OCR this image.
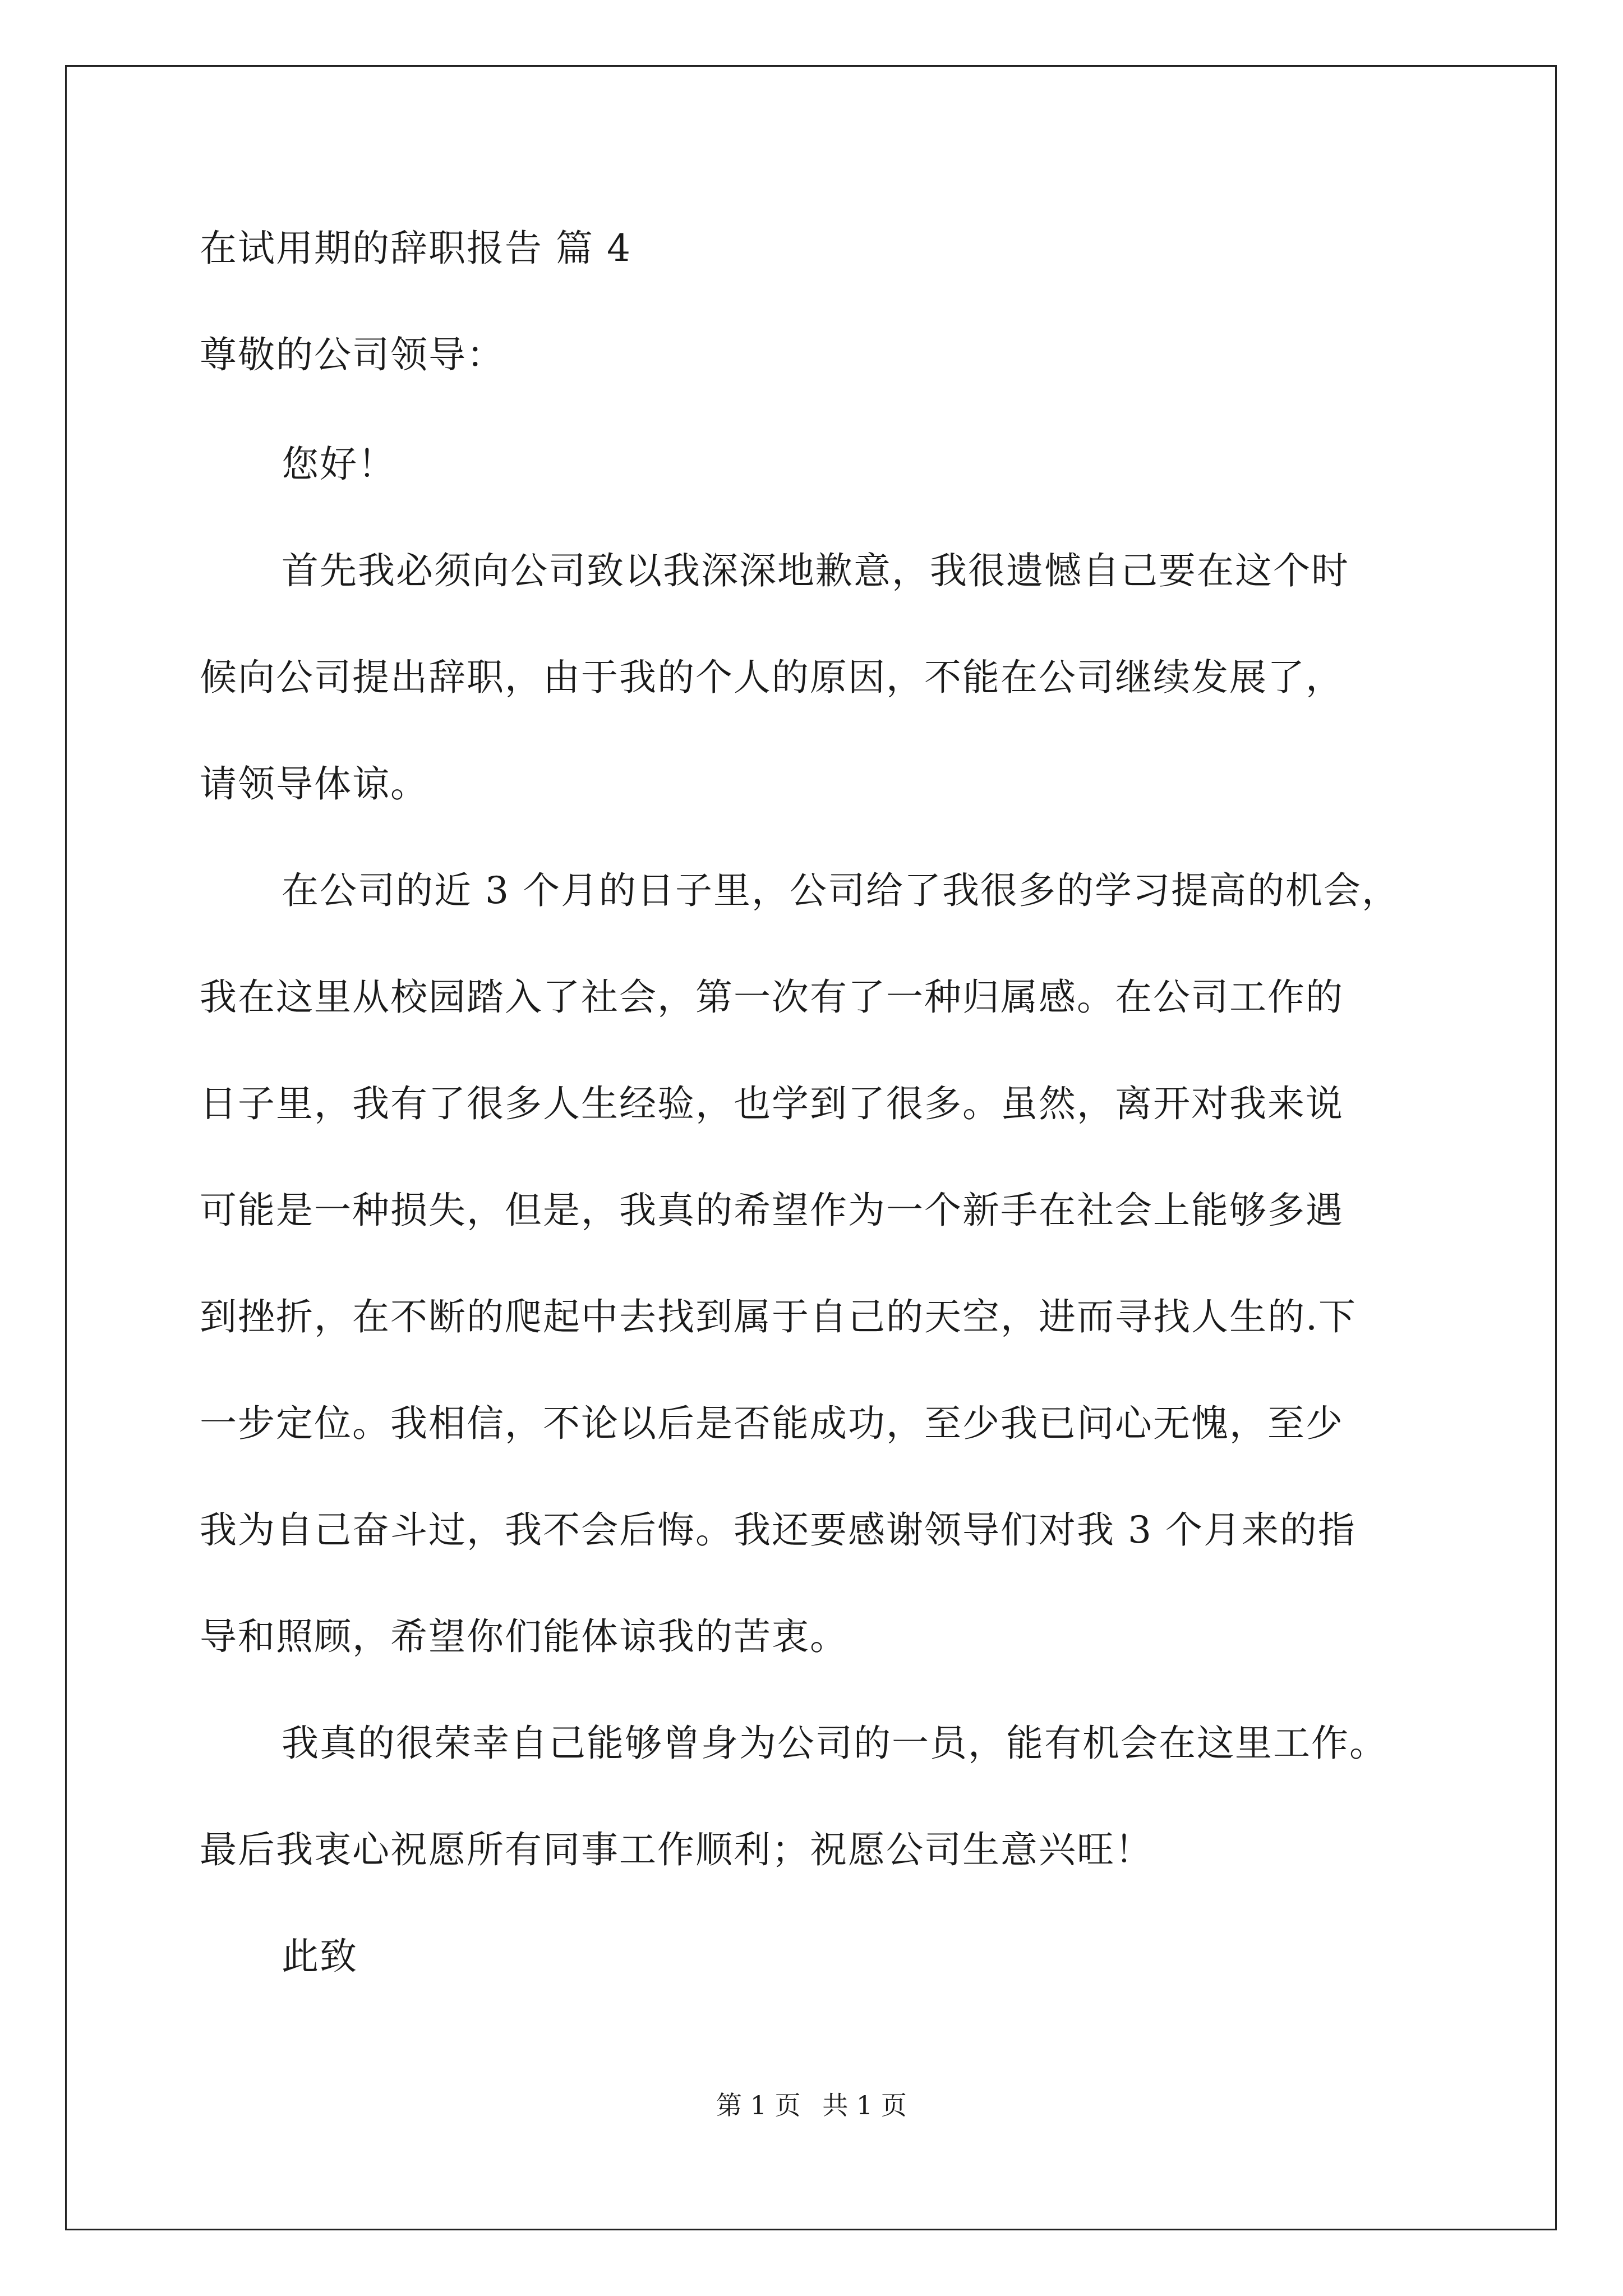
在试用期的辞职报告 篇 4
尊敬的公司领导：
您好！
首先我必须向公司致以我深深地歉意，我很遗憾自己要在这个时
候向公司提出辞职，由于我的个人的原因，不能在公司继续发展了，
请领导体谅。
在公司的近 3 个月的日子里，公司给了我很多的学习提高的机会，
我在这里从校园踏入了社会，第一次有了一种归属感。在公司工作的
日子里，我有了很多人生经验，也学到了很多。虽然，离开对我来说
可能是一种损失，但是，我真的希望作为一个新手在社会上能够多遇
到挫折，在不断的爬起中去找到属于自己的天空，进而寻找人生的.下
一步定位。我相信，不论以后是否能成功，至少我已问心无愧，至少
我为自己奋斗过，我不会后悔。我还要感谢领导们对我 3 个月来的指
导和照顾，希望你们能体谅我的苦衷。
我真的很荣幸自己能够曾身为公司的一员，能有机会在这里工作。
最后我衷心祝愿所有同事工作顺利；祝愿公司生意兴旺！
此致
第 1 页 共 1 页
